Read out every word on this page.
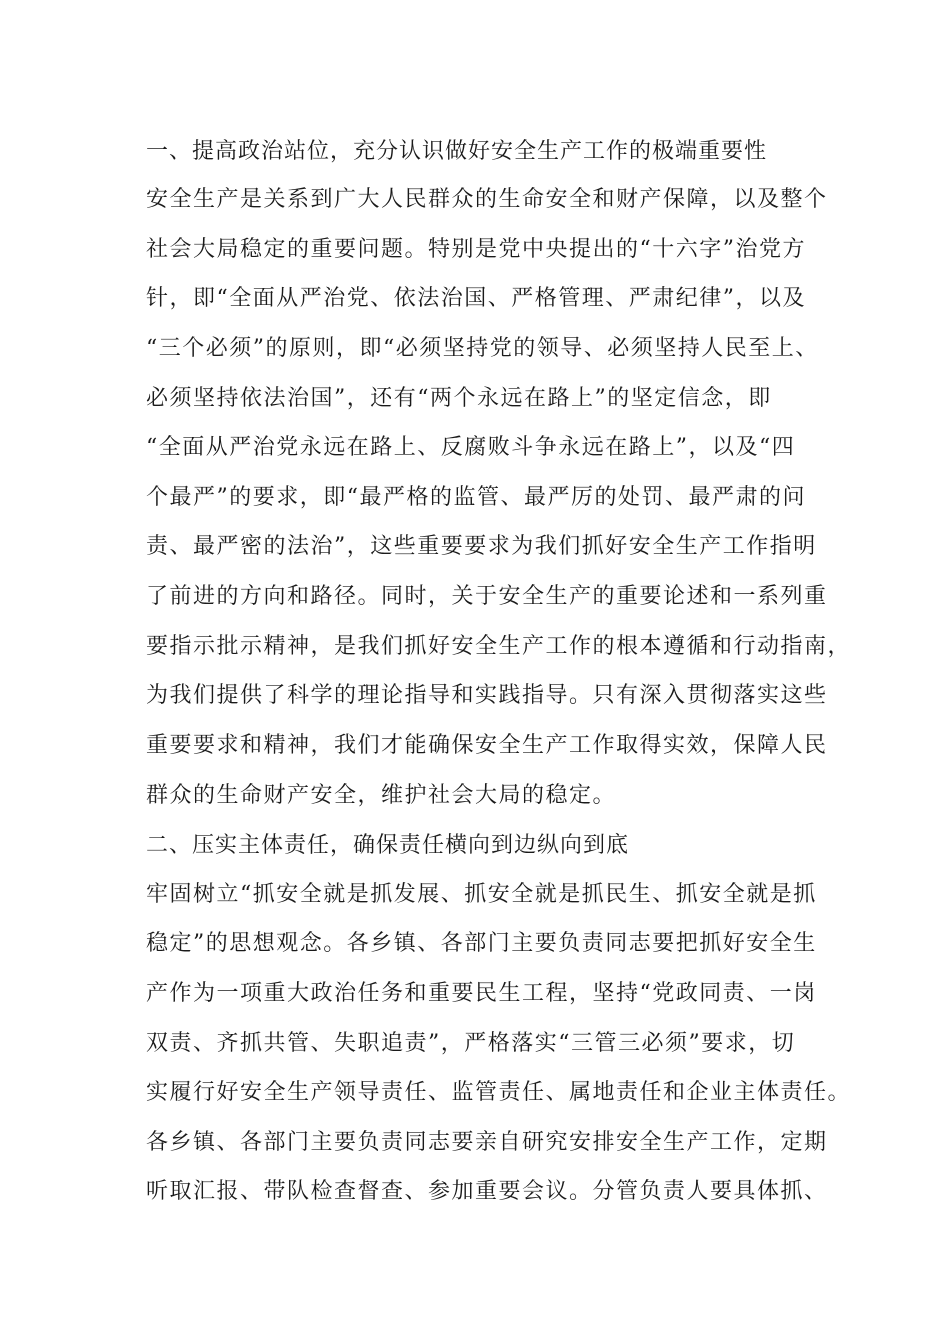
一、提高政治站位，充分认识做好安全生产工作的极端重要性
安全生产是关系到广大人民群众的生命安全和财产保障，以及整个
社会大局稳定的重要问题。特别是党中央提出的“十六字”治党方
针，即“全面从严治党、依法治国、严格管理、严肃纪律”，以及
“三个必须”的原则，即“必须坚持党的领导、必须坚持人民至上、
必须坚持依法治国”，还有“两个永远在路上”的坚定信念，即
“全面从严治党永远在路上、反腐败斗争永远在路上”，以及“四
个最严”的要求，即“最严格的监管、最严厉的处罚、最严肃的问
责、最严密的法治”，这些重要要求为我们抓好安全生产工作指明
了前进的方向和路径。同时，关于安全生产的重要论述和一系列重
要指示批示精神，是我们抓好安全生产工作的根本遵循和行动指南，
为我们提供了科学的理论指导和实践指导。只有深入贯彻落实这些
重要要求和精神，我们才能确保安全生产工作取得实效，保障人民
群众的生命财产安全，维护社会大局的稳定。
二、压实主体责任，确保责任横向到边纵向到底
牢固树立“抓安全就是抓发展、抓安全就是抓民生、抓安全就是抓
稳定”的思想观念。各乡镇、各部门主要负责同志要把抓好安全生
产作为一项重大政治任务和重要民生工程，坚持“党政同责、一岗
双责、齐抓共管、失职追责”，严格落实“三管三必须”要求，切
实履行好安全生产领导责任、监管责任、属地责任和企业主体责任。
各乡镇、各部门主要负责同志要亲自研究安排安全生产工作，定期
听取汇报、带队检查督查、参加重要会议。分管负责人要具体抓、
